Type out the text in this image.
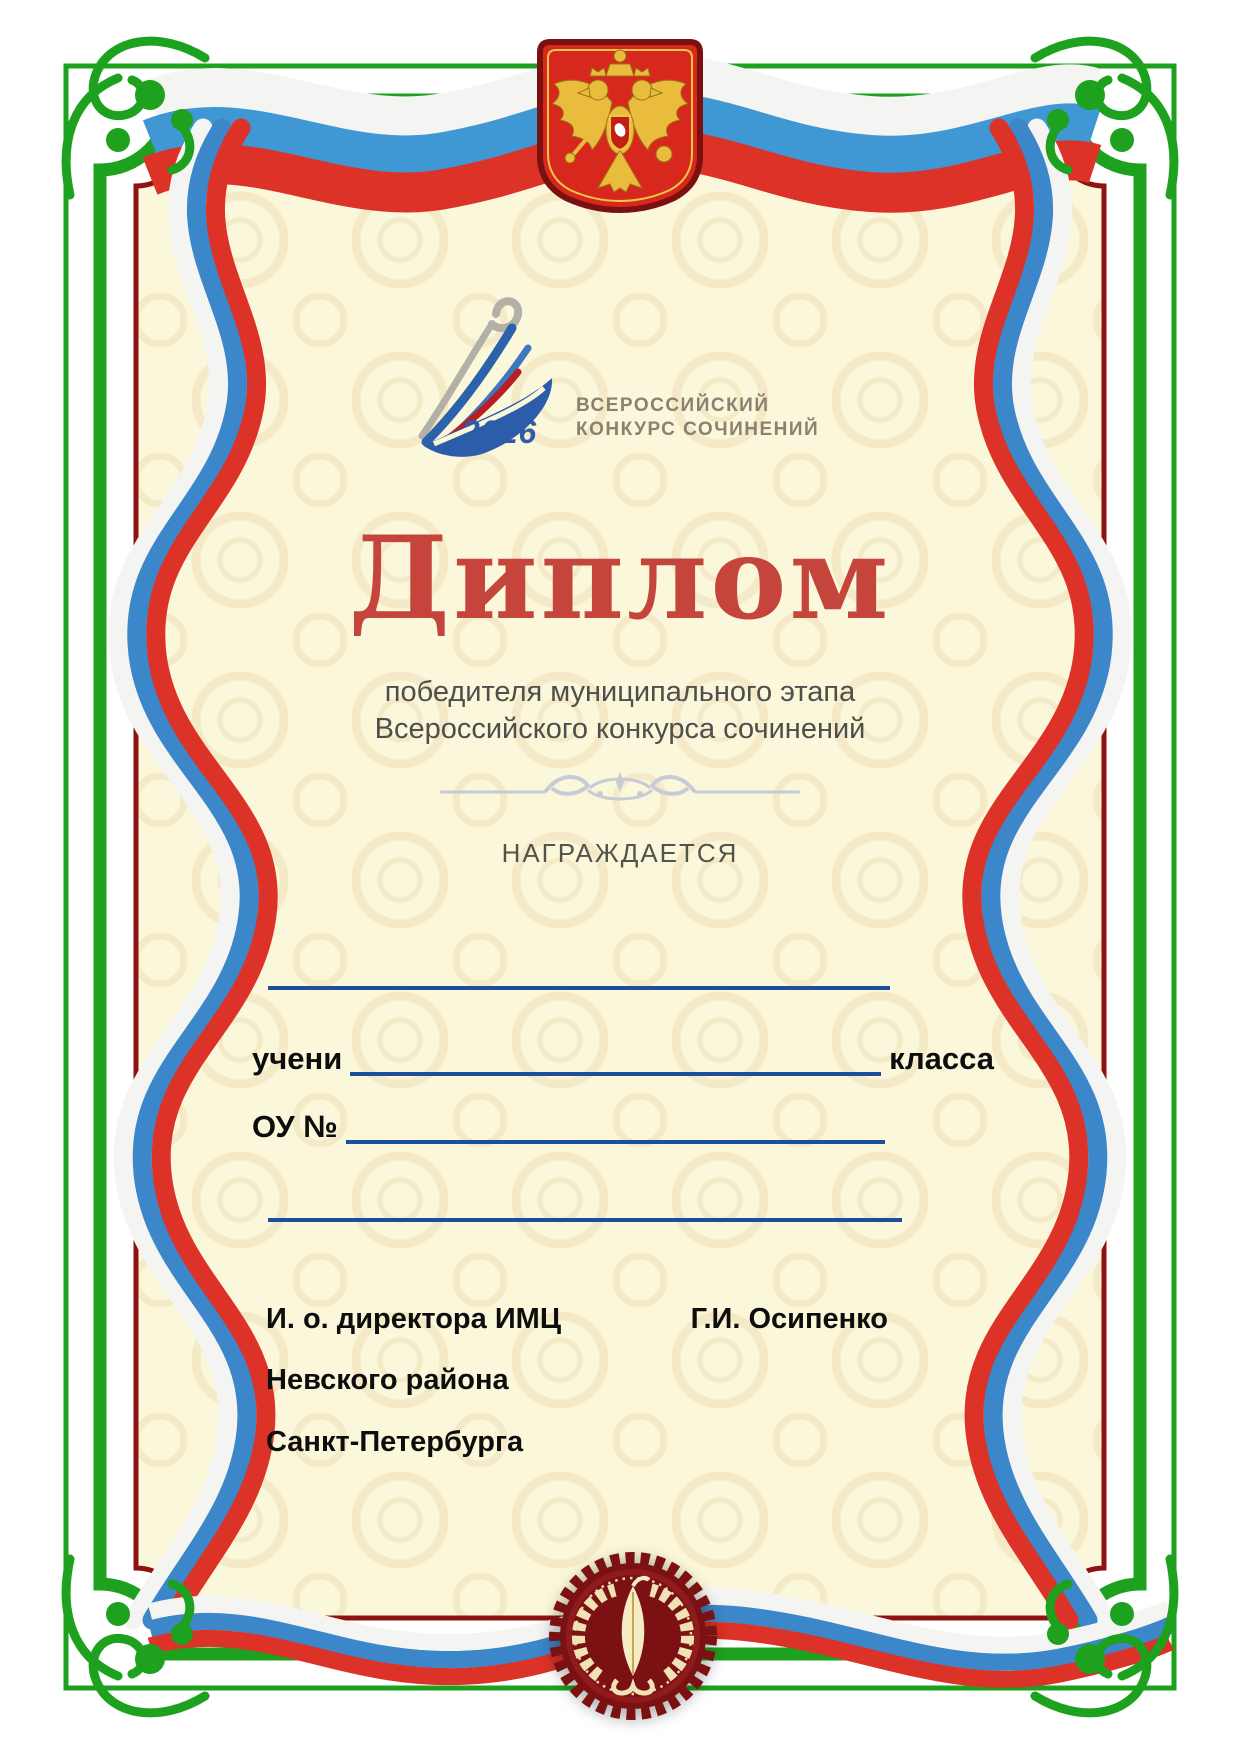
2016
ВСЕРОССИЙСКИЙ
КОНКУРС СОЧИНЕНИЙ
Диплом
победителя муниципального этапа
Всероссийского конкурса сочинений
НАГРАЖДАЕТСЯ
учени	класса
ОУ №
И. о. директора ИМЦ	Г.И. Осипенко
Невского района
Санкт-Петербурга
